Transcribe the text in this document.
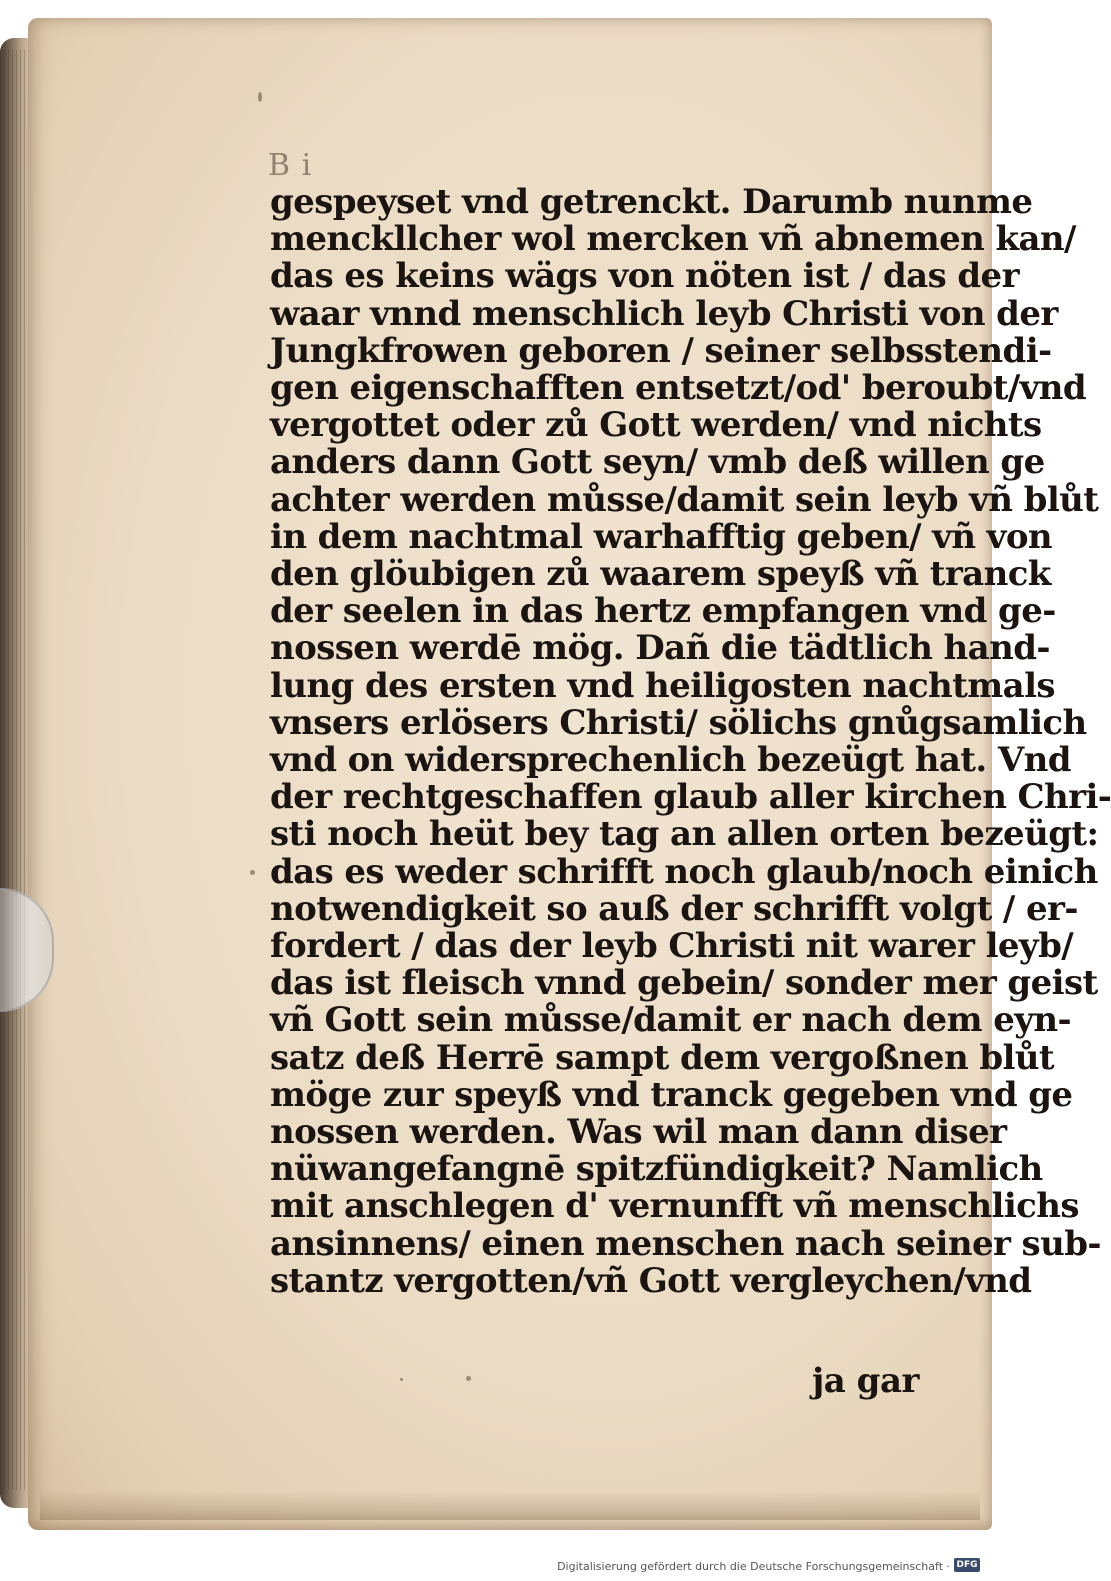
B i
gespeyset vnd getrenckt. Darumb nunme
menckllcher wol mercken vñ abnemen kan/
das es keins wägs von nöten ist / das der
waar vnnd menschlich leyb Christi von der
Jungkfrowen geboren / seiner selbsstendi-
gen eigenschafften entsetzt/od' beroubt/vnd
vergottet oder zů Gott werden/ vnd nichts
anders dann Gott seyn/ vmb deß willen ge
achter werden můsse/damit sein leyb vñ blůt
in dem nachtmal warhafftig geben/ vñ von
den glöubigen zů waarem speyß vñ tranck
der seelen in das hertz empfangen vnd ge-
nossen werdē mög. Dañ die tädtlich hand-
lung des ersten vnd heiligosten nachtmals
vnsers erlösers Christi/ sölichs gnůgsamlich
vnd on widersprechenlich bezeügt hat. Vnd
der rechtgeschaffen glaub aller kirchen Chri-
sti noch heüt bey tag an allen orten bezeügt:
das es weder schrifft noch glaub/noch einich
notwendigkeit so auß der schrifft volgt / er-
fordert / das der leyb Christi nit warer leyb/
das ist fleisch vnnd gebein/ sonder mer geist
vñ Gott sein můsse/damit er nach dem eyn-
satz deß Herrē sampt dem vergoßnen blůt
möge zur speyß vnd tranck gegeben vnd ge
nossen werden. Was wil man dann diser
nüwangefangnē spitzfündigkeit? Namlich
mit anschlegen d' vernunfft vñ menschlichs
ansinnens/ einen menschen nach seiner sub-
stantz vergotten/vñ Gott vergleychen/vnd
ja gar
Digitalisierung gefördert durch die Deutsche Forschungsgemeinschaft · DFG
